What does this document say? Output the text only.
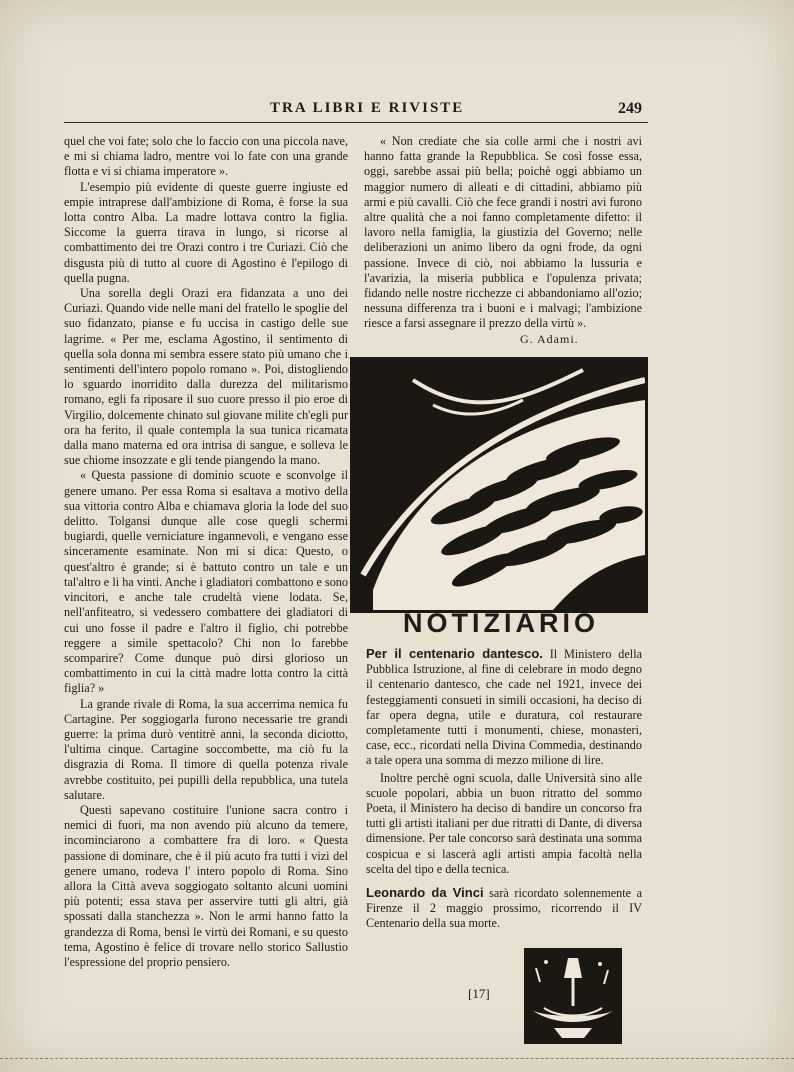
TRA LIBRI E RIVISTE	249

quel che voi fate; solo che lo faccio con una piccola nave, e mi si chiama ladro, mentre voi lo fate con una grande flotta e vi si chiama imperatore ».

L'esempio più evidente di queste guerre ingiuste ed empie intraprese dall'ambizione di Roma, è forse la sua lotta contro Alba. La madre lottava contro la figlia. Siccome la guerra tirava in lungo, si ricorse al combattimento dei tre Orazi contro i tre Curiazi. Ciò che disgusta più di tutto al cuore di Agostino è l'epilogo di quella pugna.

Una sorella degli Orazi era fidanzata a uno dei Curiazi. Quando vide nelle mani del fratello le spoglie del suo fidanzato, pianse e fu uccisa in castigo delle sue lagrime. « Per me, esclama Agostino, il sentimento di quella sola donna mi sembra essere stato più umano che i sentimenti dell'intero popolo romano ». Poi, distogliendo lo sguardo inorridito dalla durezza del militarismo romano, egli fa riposare il suo cuore presso il pio eroe di Virgilio, dolcemente chinato sul giovane milite ch'egli pur ora ha ferito, il quale contempla la sua tunica ricamata dalla mano materna ed ora intrisa di sangue, e solleva le sue chiome insozzate e gli tende piangendo la mano.

« Questa passione di dominio scuote e sconvolge il genere umano. Per essa Roma si esaltava a motivo della sua vittoria contro Alba e chiamava gloria la lode del suo delitto. Tolgansi dunque alle cose quegli schermi bugiardi, quelle verniciature ingannevoli, e vengano esse sinceramente esaminate. Non mi si dica: Questo, o quest'altro è grande; si è battuto contro un tale e un tal'altro e li ha vinti. Anche i gladiatori combattono e sono vincitori, e anche tale crudeltà viene lodata. Se, nell'anfiteatro, si vedessero combattere dei gladiatori di cui uno fosse il padre e l'altro il figlio, chi potrebbe reggere a simile spettacolo? Chi non lo farebbe scomparire? Come dunque può dirsi glorioso un combattimento in cui la città madre lotta contro la città figlia? »

La grande rivale di Roma, la sua accerrima nemica fu Cartagine. Per soggiogarla furono necessarie tre grandi guerre: la prima durò ventitrè anni, la seconda diciotto, l'ultima cinque. Cartagine soccombette, ma ciò fu la disgrazia di Roma. Il timore di quella potenza rivale avrebbe costituito, pei pupilli della repubblica, una tutela salutare.

Questi sapevano costituire l'unione sacra contro i nemici di fuori, ma non avendo più alcuno da temere, incominciarono a combattere fra di loro. « Questa passione di dominare, che è il più acuto fra tutti i vizi del genere umano, rodeva l' intero popolo di Roma. Sino allora la Città aveva soggiogato soltanto alcuni uomini più potenti; essa stava per asservire tutti gli altri, già spossati dalla stanchezza ». Non le armi hanno fatto la grandezza di Roma, bensì le virtù dei Romani, e su questo tema, Agostino è felice di trovare nello storico Sallustio l'espressione del proprio pensiero.

« Non crediate che sia colle armi che i nostri avi hanno fatta grande la Repubblica. Se così fosse essa, oggi, sarebbe assai più bella; poichè oggi abbiamo un maggior numero di alleati e di cittadini, abbiamo più armi e più cavalli. Ciò che fece grandi i nostri avi furono altre qualità che a noi fanno completamente difetto: il lavoro nella famiglia, la giustizia del Governo; nelle deliberazioni un animo libero da ogni frode, da ogni passione. Invece di ciò, noi abbiamo la lussuria e l'avarizia, la miseria pubblica e l'opulenza privata; fidando nelle nostre ricchezze ci abbandoniamo all'ozio; nessuna differenza tra i buoni e i malvagi; l'ambizione riesce a farsi assegnare il prezzo della virtù ».

G. Adami.
NOTIZIARIO

Per il centenario dantesco. Il Ministero della Pubblica Istruzione, al fine di celebrare in modo degno il centenario dantesco, che cade nel 1921, invece dei festeggiamenti consueti in simili occasioni, ha deciso di far opera degna, utile e duratura, col restaurare completamente tutti i monumenti, chiese, monasteri, case, ecc., ricordati nella Divina Commedia, destinando a tale opera una somma di mezzo milione di lire.

Inoltre perchè ogni scuola, dalle Università sino alle scuole popolari, abbia un buon ritratto del sommo Poeta, il Ministero ha deciso di bandire un concorso fra tutti gli artisti italiani per due ritratti di Dante, di diversa dimensione. Per tale concorso sarà destinata una somma cospicua e si lascerà agli artisti ampia facoltà nella scelta del tipo e della tecnica.

Leonardo da Vinci sarà ricordato solennemente a Firenze il 2 maggio prossimo, ricorrendo il IV Centenario della sua morte.

[17]
